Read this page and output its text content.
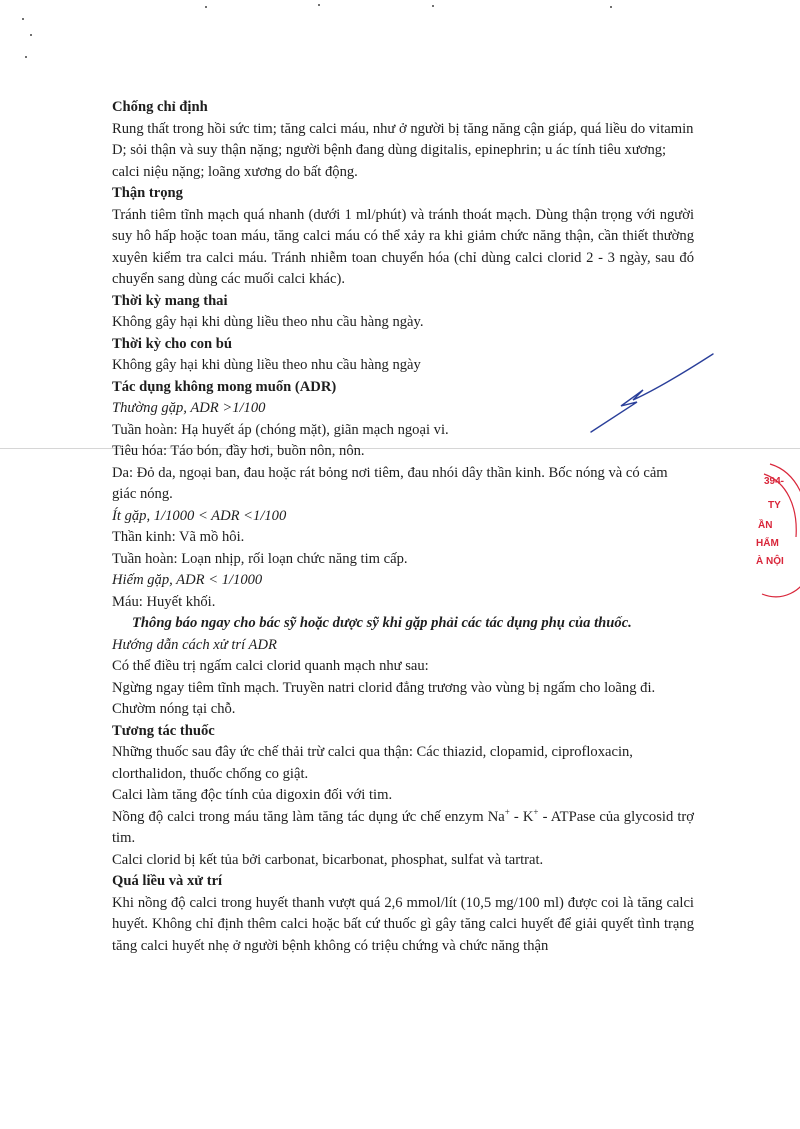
Chống chỉ định

Rung thất trong hồi sức tim; tăng calci máu, như ở người bị tăng năng cận giáp, quá liều do vitamin D; sỏi thận và suy thận nặng; người bệnh đang dùng digitalis, epinephrin; u ác tính tiêu xương; calci niệu nặng; loãng xương do bất động.

Thận trọng

Tránh tiêm tĩnh mạch quá nhanh (dưới 1 ml/phút) và tránh thoát mạch. Dùng thận trọng với người suy hô hấp hoặc toan máu, tăng calci máu có thể xảy ra khi giảm chức năng thận, cần thiết thường xuyên kiểm tra calci máu. Tránh nhiễm toan chuyển hóa (chỉ dùng calci clorid 2 - 3 ngày, sau đó chuyển sang dùng các muối calci khác).

Thời kỳ mang thai

Không gây hại khi dùng liều theo nhu cầu hàng ngày.

Thời kỳ cho con bú

Không gây hại khi dùng liều theo nhu cầu hàng ngày

Tác dụng không mong muốn (ADR)

Thường gặp, ADR >1/100

Tuần hoàn: Hạ huyết áp (chóng mặt), giãn mạch ngoại vi.

Tiêu hóa: Táo bón, đầy hơi, buồn nôn, nôn.

Da: Đỏ da, ngoại ban, đau hoặc rát bỏng nơi tiêm, đau nhói dây thần kinh. Bốc nóng và có cảm giác nóng.

Ít gặp, 1/1000 < ADR <1/100

Thần kinh: Vã mồ hôi.

Tuần hoàn: Loạn nhịp, rối loạn chức năng tim cấp.

Hiếm gặp, ADR < 1/1000

Máu: Huyết khối.

Thông báo ngay cho bác sỹ hoặc dược sỹ khi gặp phải các tác dụng phụ của thuốc.

Hướng dẫn cách xử trí ADR

Có thể điều trị ngấm calci clorid quanh mạch như sau:

Ngừng ngay tiêm tĩnh mạch. Truyền natri clorid đẳng trương vào vùng bị ngấm cho loãng đi. Chườm nóng tại chỗ.

Tương tác thuốc

Những thuốc sau đây ức chế thải trừ calci qua thận: Các thiazid, clopamid, ciprofloxacin, clorthalidon, thuốc chống co giật.

Calci làm tăng độc tính của digoxin đối với tim.

Nồng độ calci trong máu tăng làm tăng tác dụng ức chế enzym Na+ - K+ - ATPase của glycosid trợ tim.

Calci clorid bị kết tủa bởi carbonat, bicarbonat, phosphat, sulfat và tartrat.

Quá liều và xử trí

Khi nồng độ calci trong huyết thanh vượt quá 2,6 mmol/lít (10,5 mg/100 ml) được coi là tăng calci huyết. Không chỉ định thêm calci hoặc bất cứ thuốc gì gây tăng calci huyết để giải quyết tình trạng tăng calci huyết nhẹ ở người bệnh không có triệu chứng và chức năng thận

394-
TY
ẦN
HẨM
À NỘI
